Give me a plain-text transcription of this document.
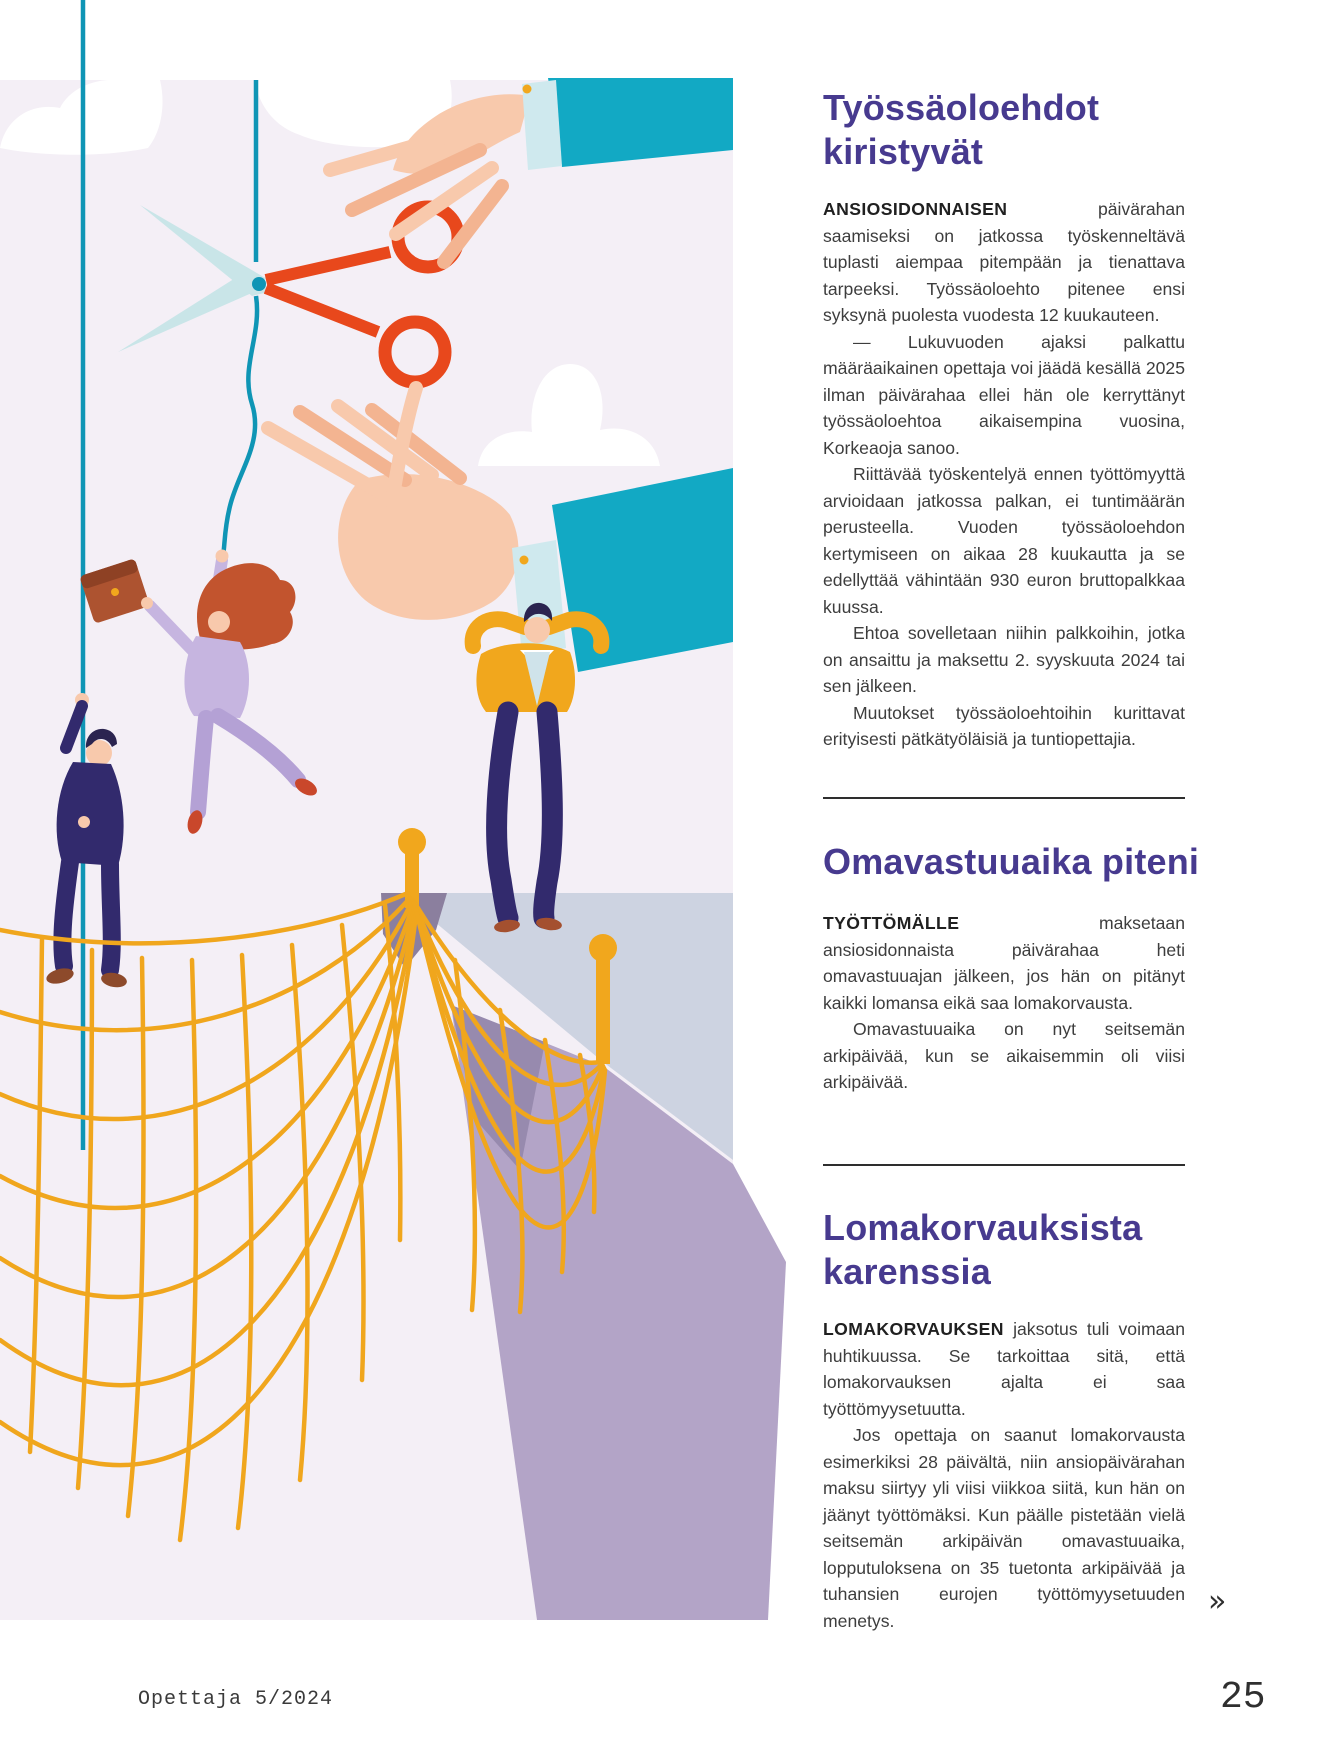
Työssäoloehdot
kiristyvät

ANSIOSIDONNAISEN	päivärahan saamiseksi on jatkossa työskenneltävä tuplasti aiempaa pitempään ja tienattava tarpeeksi. Työssäoloehto pitenee ensi syksynä puolesta vuodesta 12 kuukauteen.

— Lukuvuoden ajaksi palkattu määräaikainen opettaja voi jäädä kesällä 2025 ilman päivärahaa ellei hän ole kerryttänyt työssäoloehtoa aikaisempina vuosina, Korkeaoja sanoo.

Riittävää työskentelyä ennen työttömyyttä arvioidaan jatkossa palkan, ei tuntimäärän perusteella. Vuoden työssäoloehdon kertymiseen on aikaa 28 kuukautta ja se edellyttää vähintään 930 euron bruttopalkkaa kuussa.

Ehtoa sovelletaan niihin palkkoihin, jotka on ansaittu ja maksettu 2. syyskuuta 2024 tai sen jälkeen.

Muutokset työssäoloehtoihin kurittavat erityisesti pätkätyöläisiä ja tuntiopettajia.

Omavastuuaika piteni

TYÖTTÖMÄLLE	maksetaan ansiosidonnaista päivärahaa heti omavastuuajan jälkeen, jos hän on pitänyt kaikki lomansa eikä saa lomakorvausta.

Omavastuuaika on nyt seitsemän arkipäivää, kun se aikaisemmin oli viisi arkipäivää.

Lomakorvauksista
karenssia

LOMAKORVAUKSEN jaksotus tuli voimaan huhtikuussa. Se tarkoittaa sitä, että lomakorvauksen ajalta ei saa työttömyysetuutta.

Jos opettaja on saanut lomakorvausta esimerkiksi 28 päivältä, niin ansiopäivärahan maksu siirtyy yli viisi viikkoa siitä, kun hän on jäänyt työttömäksi. Kun päälle pistetään vielä seitsemän arkipäivän omavastuuaika, lopputuloksena on 35 tuetonta arkipäivää ja tuhansien eurojen työttömyysetuuden menetys.

»
Opettaja 5/2024	25
